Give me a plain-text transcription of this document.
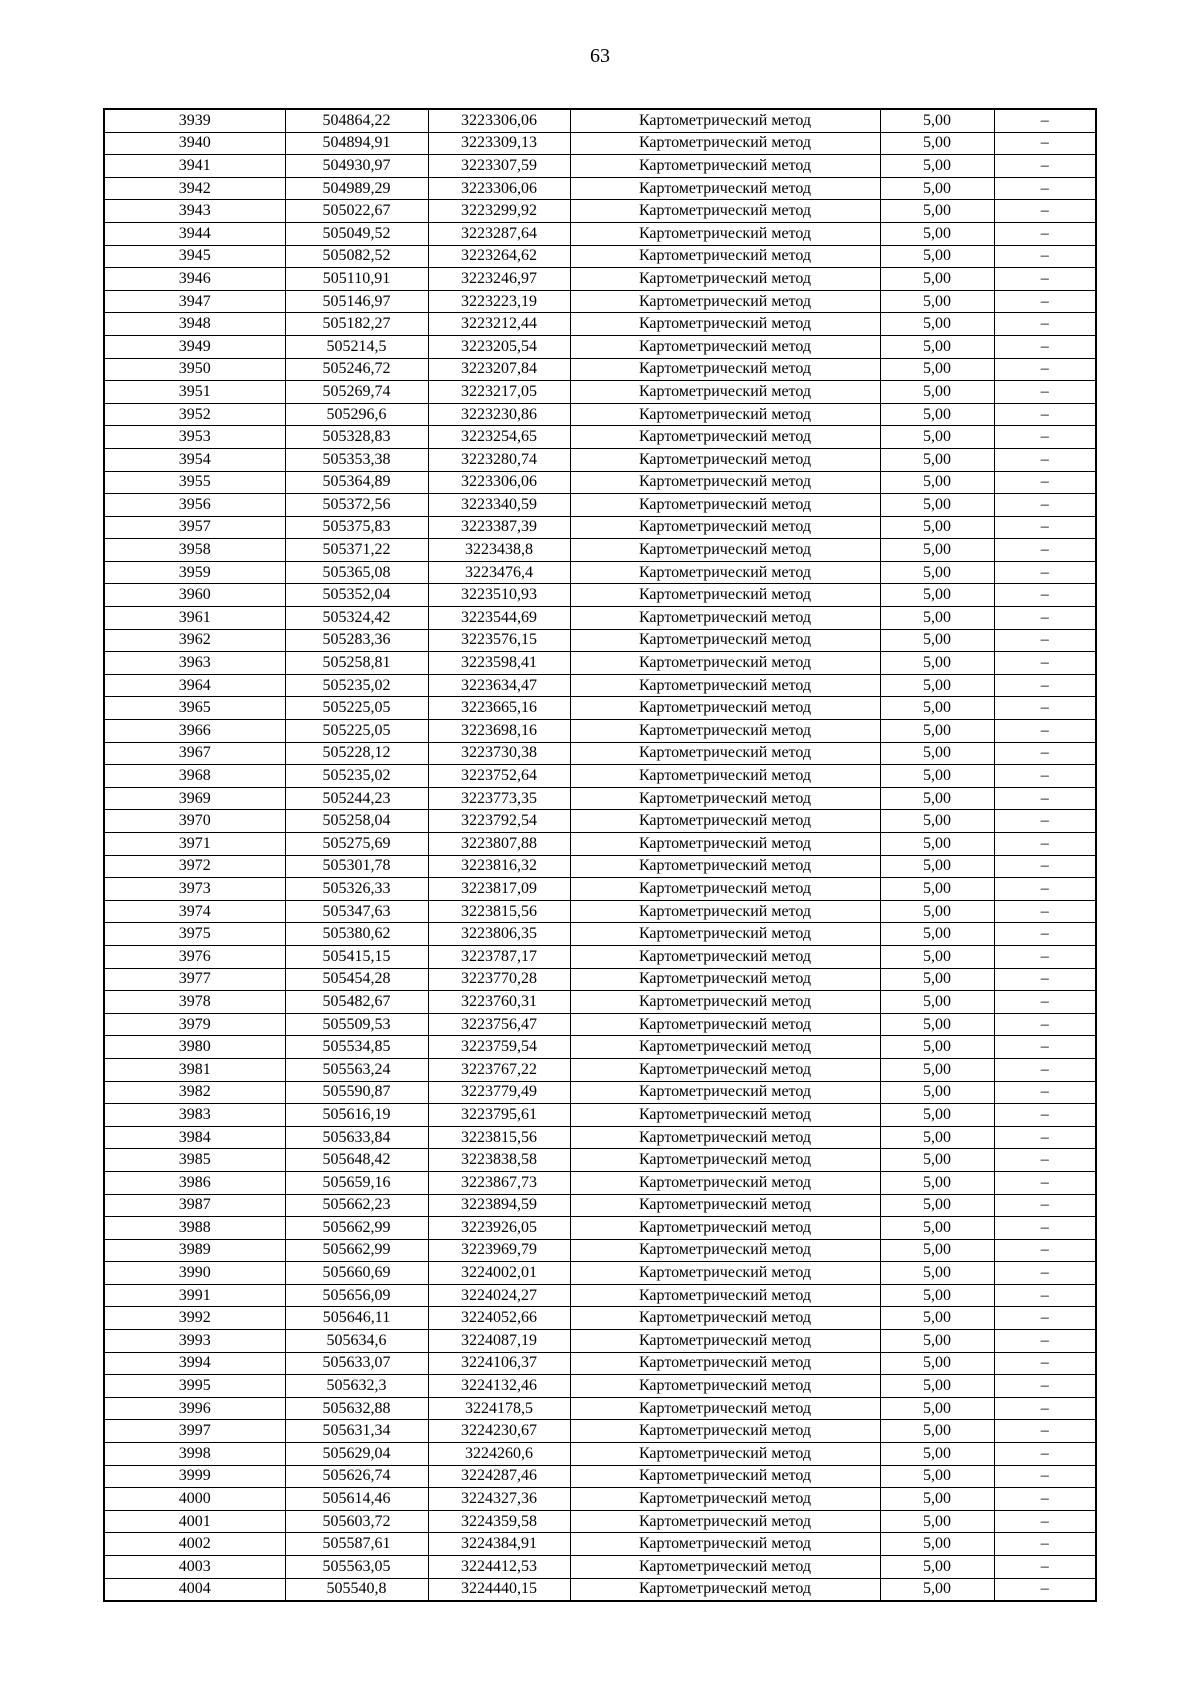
63
3939	504864,22	3223306,06	Картометрический метод	5,00	–
3940	504894,91	3223309,13	Картометрический метод	5,00	–
3941	504930,97	3223307,59	Картометрический метод	5,00	–
3942	504989,29	3223306,06	Картометрический метод	5,00	–
3943	505022,67	3223299,92	Картометрический метод	5,00	–
3944	505049,52	3223287,64	Картометрический метод	5,00	–
3945	505082,52	3223264,62	Картометрический метод	5,00	–
3946	505110,91	3223246,97	Картометрический метод	5,00	–
3947	505146,97	3223223,19	Картометрический метод	5,00	–
3948	505182,27	3223212,44	Картометрический метод	5,00	–
3949	505214,5	3223205,54	Картометрический метод	5,00	–
3950	505246,72	3223207,84	Картометрический метод	5,00	–
3951	505269,74	3223217,05	Картометрический метод	5,00	–
3952	505296,6	3223230,86	Картометрический метод	5,00	–
3953	505328,83	3223254,65	Картометрический метод	5,00	–
3954	505353,38	3223280,74	Картометрический метод	5,00	–
3955	505364,89	3223306,06	Картометрический метод	5,00	–
3956	505372,56	3223340,59	Картометрический метод	5,00	–
3957	505375,83	3223387,39	Картометрический метод	5,00	–
3958	505371,22	3223438,8	Картометрический метод	5,00	–
3959	505365,08	3223476,4	Картометрический метод	5,00	–
3960	505352,04	3223510,93	Картометрический метод	5,00	–
3961	505324,42	3223544,69	Картометрический метод	5,00	–
3962	505283,36	3223576,15	Картометрический метод	5,00	–
3963	505258,81	3223598,41	Картометрический метод	5,00	–
3964	505235,02	3223634,47	Картометрический метод	5,00	–
3965	505225,05	3223665,16	Картометрический метод	5,00	–
3966	505225,05	3223698,16	Картометрический метод	5,00	–
3967	505228,12	3223730,38	Картометрический метод	5,00	–
3968	505235,02	3223752,64	Картометрический метод	5,00	–
3969	505244,23	3223773,35	Картометрический метод	5,00	–
3970	505258,04	3223792,54	Картометрический метод	5,00	–
3971	505275,69	3223807,88	Картометрический метод	5,00	–
3972	505301,78	3223816,32	Картометрический метод	5,00	–
3973	505326,33	3223817,09	Картометрический метод	5,00	–
3974	505347,63	3223815,56	Картометрический метод	5,00	–
3975	505380,62	3223806,35	Картометрический метод	5,00	–
3976	505415,15	3223787,17	Картометрический метод	5,00	–
3977	505454,28	3223770,28	Картометрический метод	5,00	–
3978	505482,67	3223760,31	Картометрический метод	5,00	–
3979	505509,53	3223756,47	Картометрический метод	5,00	–
3980	505534,85	3223759,54	Картометрический метод	5,00	–
3981	505563,24	3223767,22	Картометрический метод	5,00	–
3982	505590,87	3223779,49	Картометрический метод	5,00	–
3983	505616,19	3223795,61	Картометрический метод	5,00	–
3984	505633,84	3223815,56	Картометрический метод	5,00	–
3985	505648,42	3223838,58	Картометрический метод	5,00	–
3986	505659,16	3223867,73	Картометрический метод	5,00	–
3987	505662,23	3223894,59	Картометрический метод	5,00	–
3988	505662,99	3223926,05	Картометрический метод	5,00	–
3989	505662,99	3223969,79	Картометрический метод	5,00	–
3990	505660,69	3224002,01	Картометрический метод	5,00	–
3991	505656,09	3224024,27	Картометрический метод	5,00	–
3992	505646,11	3224052,66	Картометрический метод	5,00	–
3993	505634,6	3224087,19	Картометрический метод	5,00	–
3994	505633,07	3224106,37	Картометрический метод	5,00	–
3995	505632,3	3224132,46	Картометрический метод	5,00	–
3996	505632,88	3224178,5	Картометрический метод	5,00	–
3997	505631,34	3224230,67	Картометрический метод	5,00	–
3998	505629,04	3224260,6	Картометрический метод	5,00	–
3999	505626,74	3224287,46	Картометрический метод	5,00	–
4000	505614,46	3224327,36	Картометрический метод	5,00	–
4001	505603,72	3224359,58	Картометрический метод	5,00	–
4002	505587,61	3224384,91	Картометрический метод	5,00	–
4003	505563,05	3224412,53	Картометрический метод	5,00	–
4004	505540,8	3224440,15	Картометрический метод	5,00	–
